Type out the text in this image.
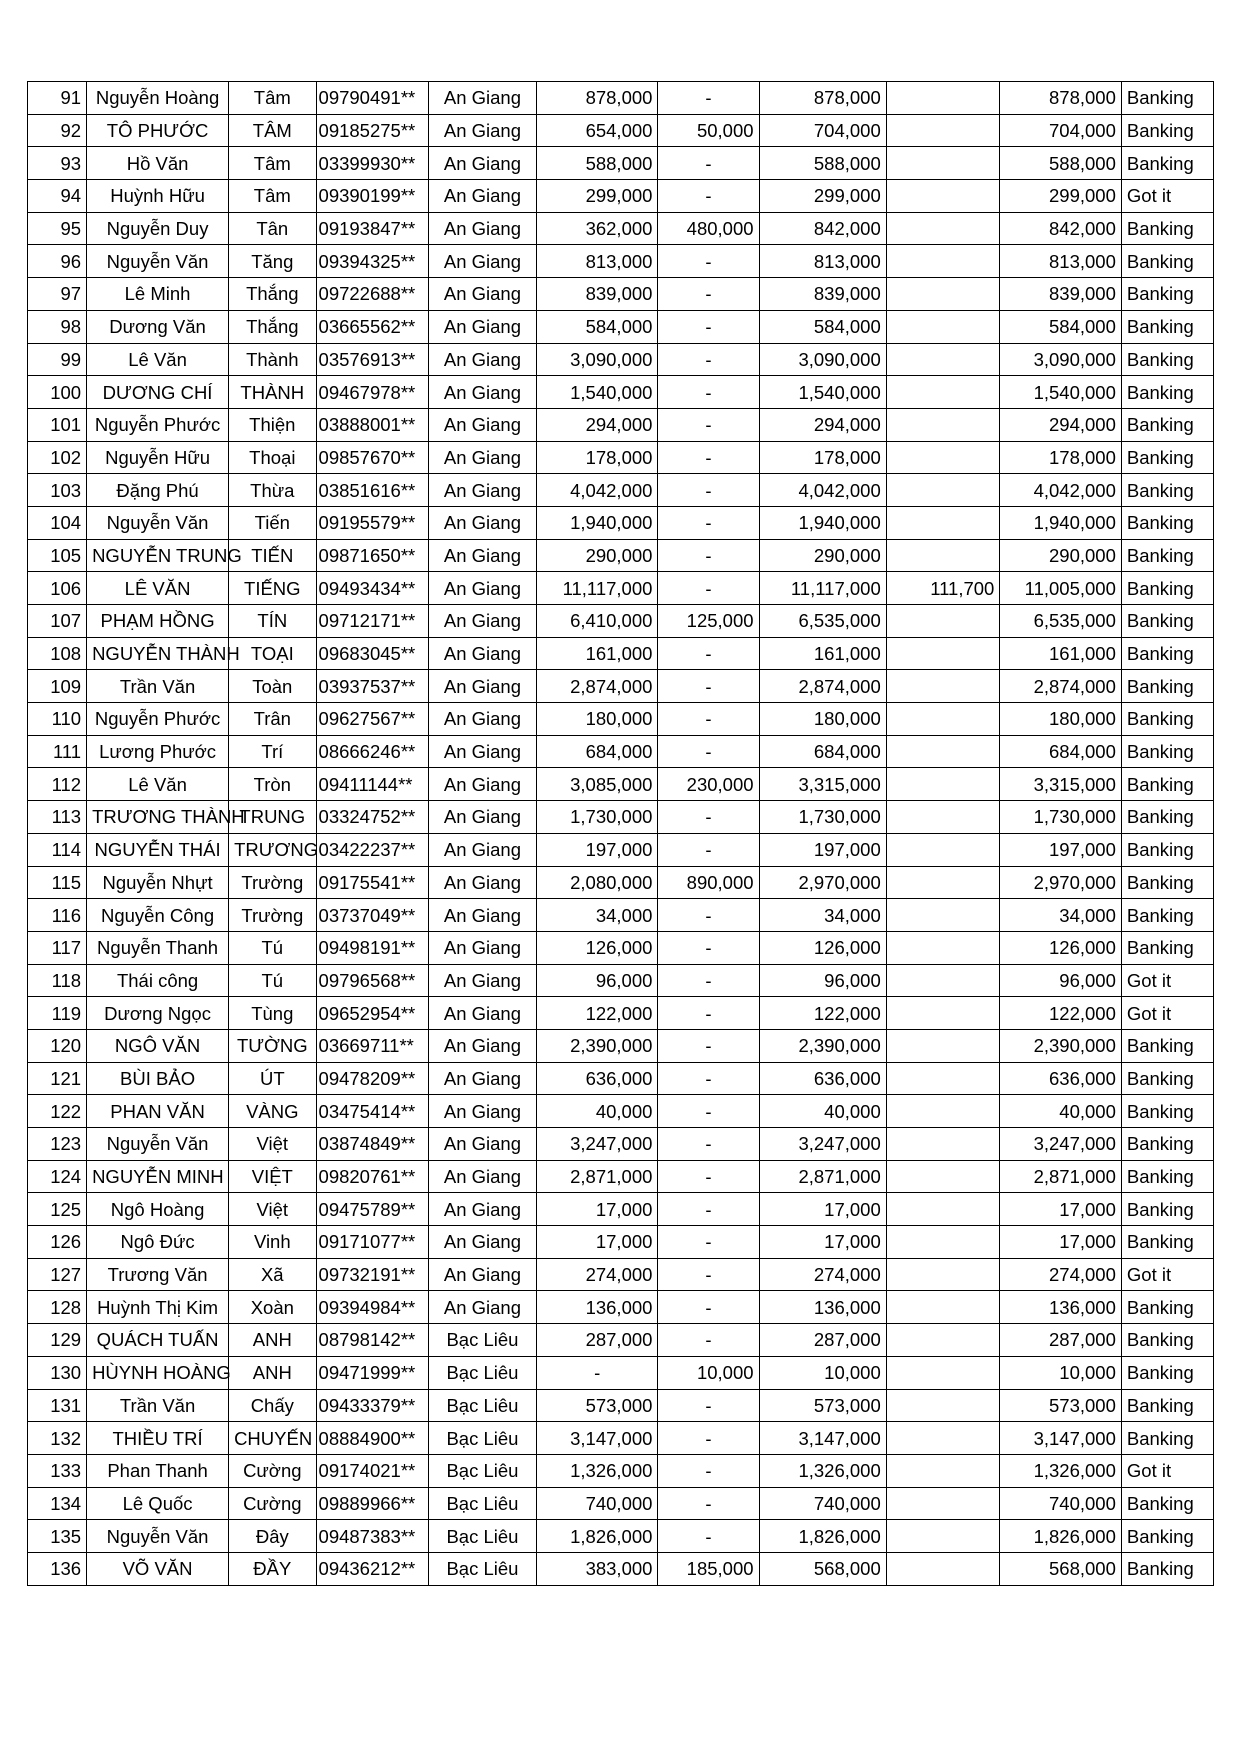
91	Nguyễn Hoàng	Tâm	09790491**	An Giang	878,000	-	878,000		878,000	Banking
92	TÔ PHƯỚC	TÂM	09185275**	An Giang	654,000	50,000	704,000		704,000	Banking
93	Hồ Văn	Tâm	03399930**	An Giang	588,000	-	588,000		588,000	Banking
94	Huỳnh Hữu	Tâm	09390199**	An Giang	299,000	-	299,000		299,000	Got it
95	Nguyễn Duy	Tân	09193847**	An Giang	362,000	480,000	842,000		842,000	Banking
96	Nguyễn Văn	Tăng	09394325**	An Giang	813,000	-	813,000		813,000	Banking
97	Lê Minh	Thắng	09722688**	An Giang	839,000	-	839,000		839,000	Banking
98	Dương Văn	Thắng	03665562**	An Giang	584,000	-	584,000		584,000	Banking
99	Lê Văn	Thành	03576913**	An Giang	3,090,000	-	3,090,000		3,090,000	Banking
100	DƯƠNG CHÍ	THÀNH	09467978**	An Giang	1,540,000	-	1,540,000		1,540,000	Banking
101	Nguyễn Phước	Thiện	03888001**	An Giang	294,000	-	294,000		294,000	Banking
102	Nguyễn Hữu	Thoại	09857670**	An Giang	178,000	-	178,000		178,000	Banking
103	Đặng Phú	Thừa	03851616**	An Giang	4,042,000	-	4,042,000		4,042,000	Banking
104	Nguyễn Văn	Tiến	09195579**	An Giang	1,940,000	-	1,940,000		1,940,000	Banking
105	NGUYỄN TRUNG	TIẾN	09871650**	An Giang	290,000	-	290,000		290,000	Banking
106	LÊ VĂN	TIẾNG	09493434**	An Giang	11,117,000	-	11,117,000	111,700	11,005,000	Banking
107	PHẠM HỒNG	TÍN	09712171**	An Giang	6,410,000	125,000	6,535,000		6,535,000	Banking
108	NGUYỄN THÀNH	TOẠI	09683045**	An Giang	161,000	-	161,000		161,000	Banking
109	Trần Văn	Toàn	03937537**	An Giang	2,874,000	-	2,874,000		2,874,000	Banking
110	Nguyễn Phước	Trân	09627567**	An Giang	180,000	-	180,000		180,000	Banking
111	Lương Phước	Trí	08666246**	An Giang	684,000	-	684,000		684,000	Banking
112	Lê Văn	Tròn	09411144**	An Giang	3,085,000	230,000	3,315,000		3,315,000	Banking
113	TRƯƠNG THÀNH	TRUNG	03324752**	An Giang	1,730,000	-	1,730,000		1,730,000	Banking
114	NGUYỄN THÁI	TRƯƠNG	03422237**	An Giang	197,000	-	197,000		197,000	Banking
115	Nguyễn Nhựt	Trường	09175541**	An Giang	2,080,000	890,000	2,970,000		2,970,000	Banking
116	Nguyễn Công	Trường	03737049**	An Giang	34,000	-	34,000		34,000	Banking
117	Nguyễn Thanh	Tú	09498191**	An Giang	126,000	-	126,000		126,000	Banking
118	Thái công	Tú	09796568**	An Giang	96,000	-	96,000		96,000	Got it
119	Dương Ngọc	Tùng	09652954**	An Giang	122,000	-	122,000		122,000	Got it
120	NGÔ VĂN	TƯỜNG	03669711**	An Giang	2,390,000	-	2,390,000		2,390,000	Banking
121	BÙI BẢO	ÚT	09478209**	An Giang	636,000	-	636,000		636,000	Banking
122	PHAN VĂN	VÀNG	03475414**	An Giang	40,000	-	40,000		40,000	Banking
123	Nguyễn Văn	Việt	03874849**	An Giang	3,247,000	-	3,247,000		3,247,000	Banking
124	NGUYỄN MINH	VIỆT	09820761**	An Giang	2,871,000	-	2,871,000		2,871,000	Banking
125	Ngô Hoàng	Việt	09475789**	An Giang	17,000	-	17,000		17,000	Banking
126	Ngô Đức	Vinh	09171077**	An Giang	17,000	-	17,000		17,000	Banking
127	Trương Văn	Xã	09732191**	An Giang	274,000	-	274,000		274,000	Got it
128	Huỳnh Thị Kim	Xoàn	09394984**	An Giang	136,000	-	136,000		136,000	Banking
129	QUÁCH TUẤN	ANH	08798142**	Bạc Liêu	287,000	-	287,000		287,000	Banking
130	HÙYNH HOÀNG	ANH	09471999**	Bạc Liêu	-	10,000	10,000		10,000	Banking
131	Trần Văn	Chấy	09433379**	Bạc Liêu	573,000	-	573,000		573,000	Banking
132	THIỀU TRÍ	CHUYẾN	08884900**	Bạc Liêu	3,147,000	-	3,147,000		3,147,000	Banking
133	Phan Thanh	Cường	09174021**	Bạc Liêu	1,326,000	-	1,326,000		1,326,000	Got it
134	Lê Quốc	Cường	09889966**	Bạc Liêu	740,000	-	740,000		740,000	Banking
135	Nguyễn Văn	Đây	09487383**	Bạc Liêu	1,826,000	-	1,826,000		1,826,000	Banking
136	VÕ VĂN	ĐẦY	09436212**	Bạc Liêu	383,000	185,000	568,000		568,000	Banking
